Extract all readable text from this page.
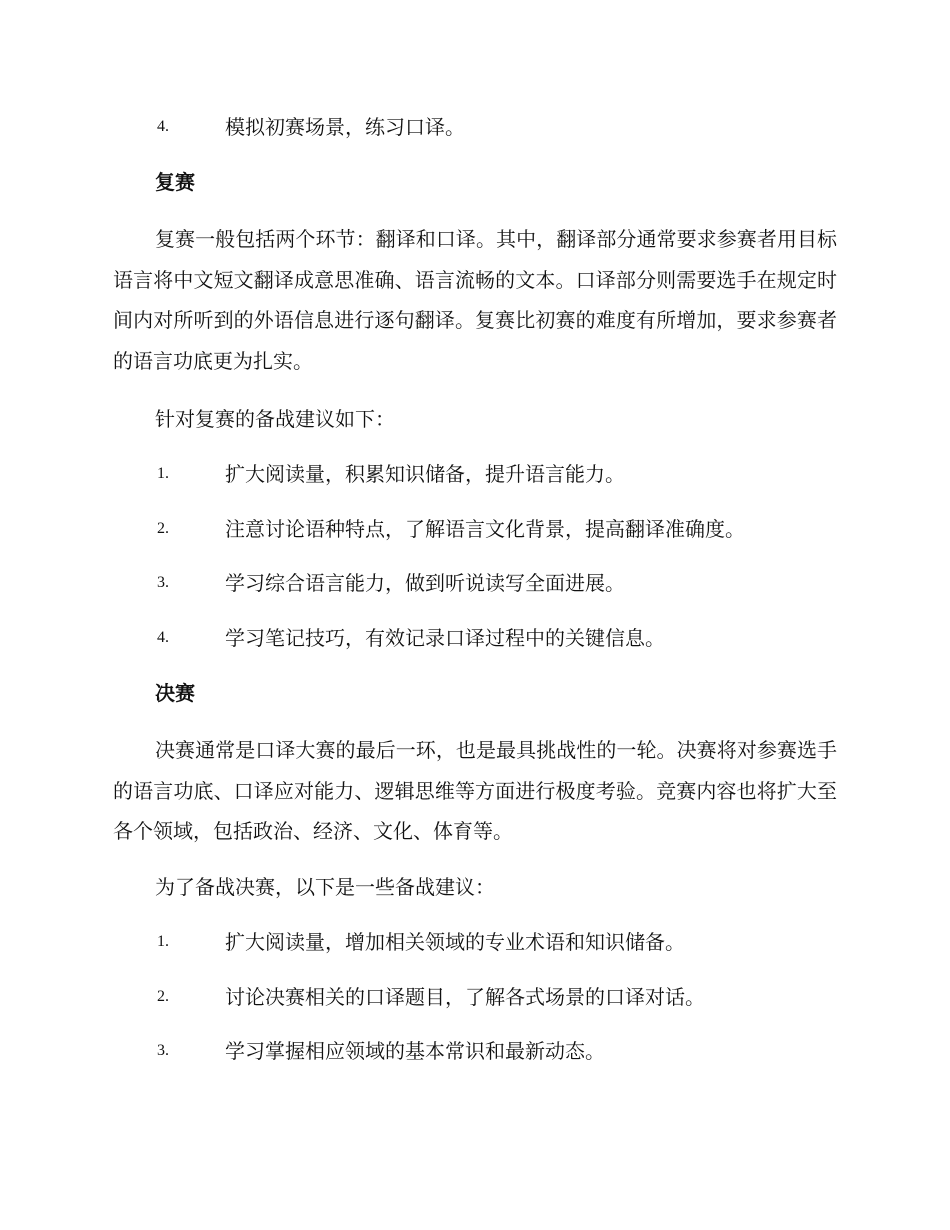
4.	模拟初赛场景，练习口译。
复赛
复赛一般包括两个环节：翻译和口译。其中，翻译部分通常要求参赛者用目标语言将中文短文翻译成意思准确、语言流畅的文本。口译部分则需要选手在规定时间内对所听到的外语信息进行逐句翻译。复赛比初赛的难度有所增加，要求参赛者的语言功底更为扎实。
针对复赛的备战建议如下：
1.	扩大阅读量，积累知识储备，提升语言能力。
2.	注意讨论语种特点，了解语言文化背景，提高翻译准确度。
3.	学习综合语言能力，做到听说读写全面进展。
4.	学习笔记技巧，有效记录口译过程中的关键信息。
决赛
决赛通常是口译大赛的最后一环，也是最具挑战性的一轮。决赛将对参赛选手的语言功底、口译应对能力、逻辑思维等方面进行极度考验。竞赛内容也将扩大至各个领域，包括政治、经济、文化、体育等。
为了备战决赛，以下是一些备战建议：
1.	扩大阅读量，增加相关领域的专业术语和知识储备。
2.	讨论决赛相关的口译题目，了解各式场景的口译对话。
3.	学习掌握相应领域的基本常识和最新动态。
